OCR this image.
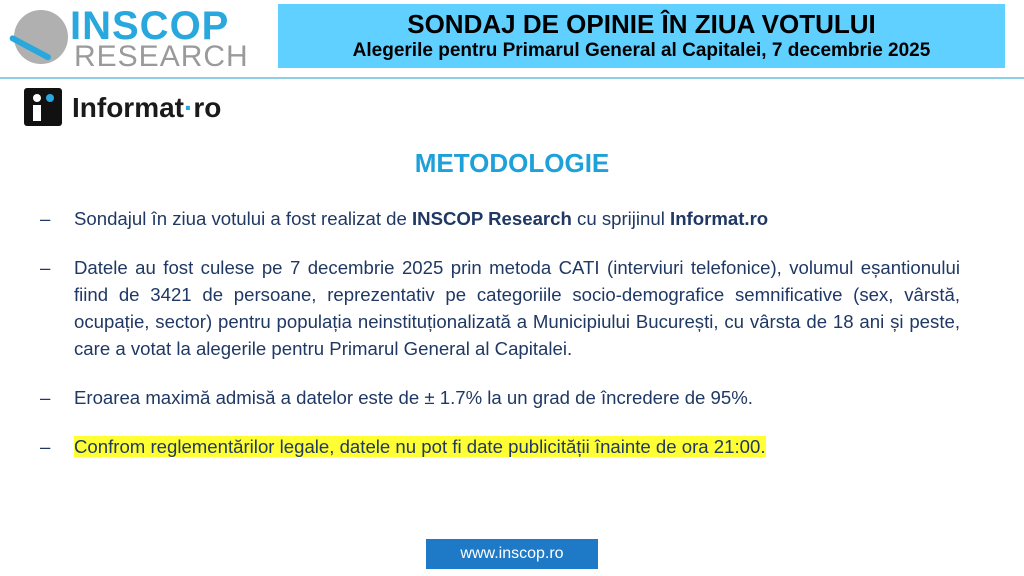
INSCOP
RESEARCH
SONDAJ DE OPINIE ÎN ZIUA VOTULUI
Alegerile pentru Primarul General al Capitalei, 7 decembrie 2025
Informat·ro
METODOLOGIE
– Sondajul în ziua votului a fost realizat de INSCOP Research cu sprijinul Informat.ro
– Datele au fost culese pe 7 decembrie 2025 prin metoda CATI (interviuri telefonice), volumul eșantionului fiind de 3421 de persoane, reprezentativ pe categoriile socio-demografice semnificative (sex, vârstă, ocupație, sector) pentru populația neinstituționalizată a Municipiului București, cu vârsta de 18 ani și peste, care a votat la alegerile pentru Primarul General al Capitalei.
– Eroarea maximă admisă a datelor este de ± 1.7% la un grad de încredere de 95%.
– Confrom reglementărilor legale, datele nu pot fi date publicității înainte de ora 21:00.
www.inscop.ro
